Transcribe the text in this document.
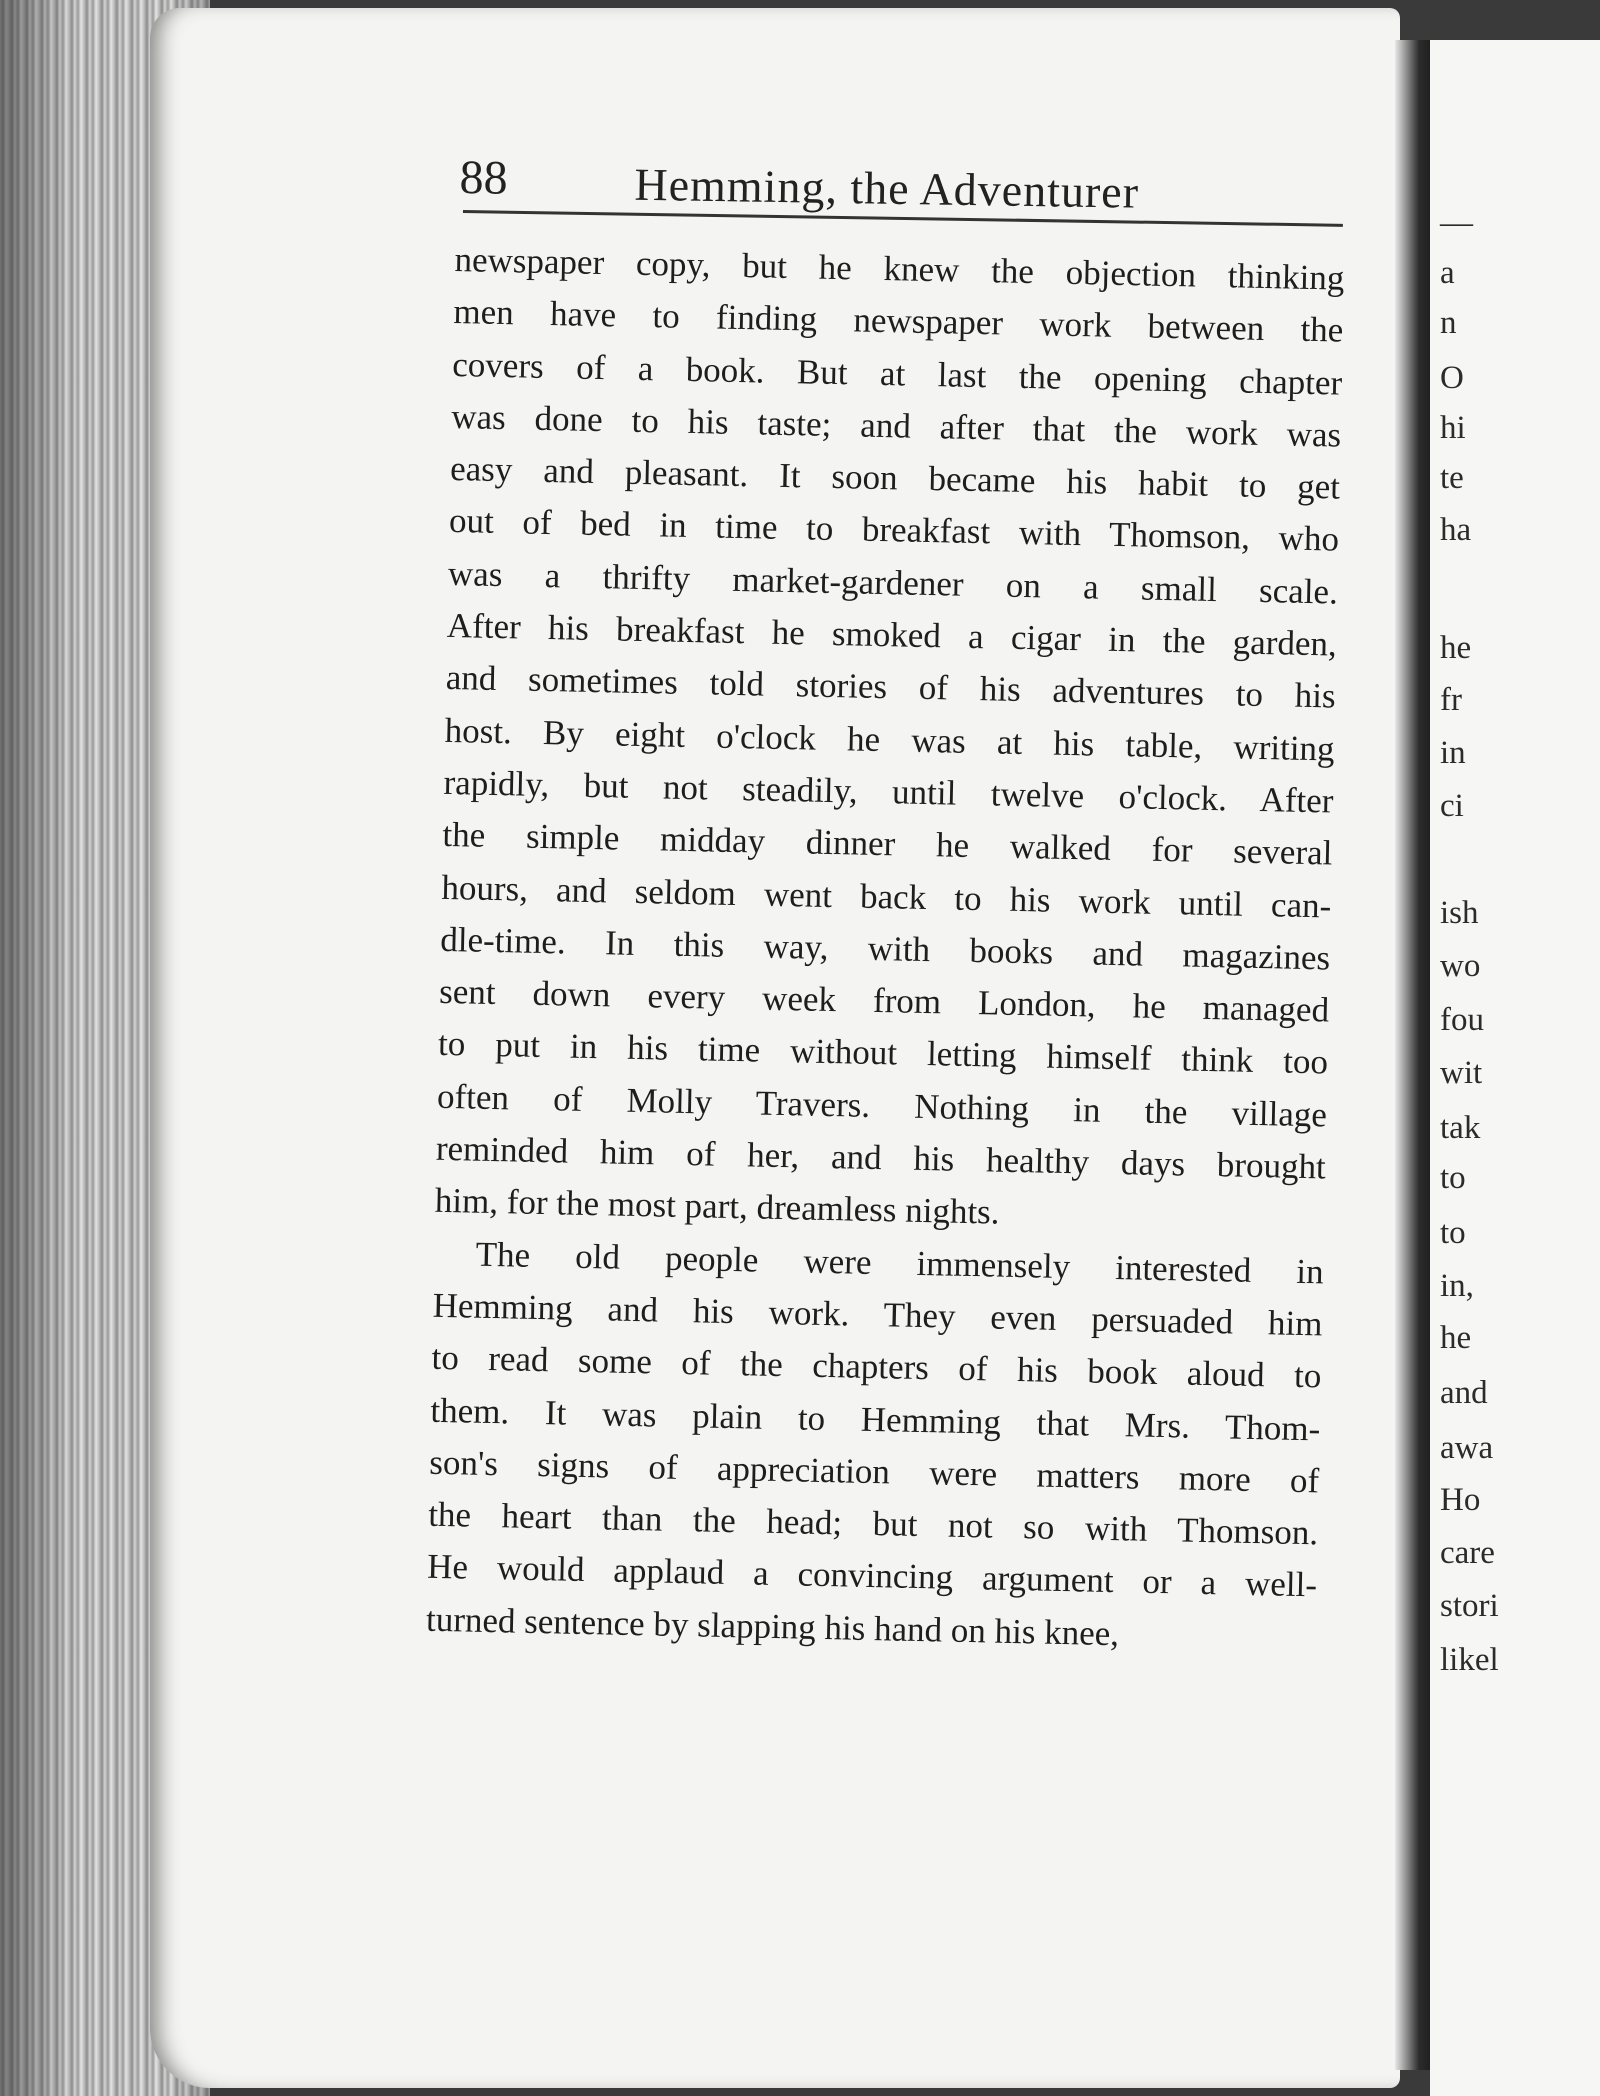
—
a
n
O
hi
te
ha
he
fr
in
ci
ish
wo
fou
wit
tak
to
to
in,
he
and
awa
Ho
care
stori
likel
88	Hemming, the Adventurer
newspaper copy, but he knew the objection thinking
men have to finding newspaper work between the
covers of a book. But at last the opening chapter
was done to his taste; and after that the work was
easy and pleasant. It soon became his habit to get
out of bed in time to breakfast with Thomson, who
was a thrifty market-gardener on a small scale.
After his breakfast he smoked a cigar in the garden,
and sometimes told stories of his adventures to his
host. By eight o'clock he was at his table, writing
rapidly, but not steadily, until twelve o'clock. After
the simple midday dinner he walked for several
hours, and seldom went back to his work until can-
dle-time. In this way, with books and magazines
sent down every week from London, he managed
to put in his time without letting himself think too
often of Molly Travers. Nothing in the village
reminded him of her, and his healthy days brought
him, for the most part, dreamless nights.
The old people were immensely interested in
Hemming and his work. They even persuaded him
to read some of the chapters of his book aloud to
them. It was plain to Hemming that Mrs. Thom-
son's signs of appreciation were matters more of
the heart than the head; but not so with Thomson.
He would applaud a convincing argument or a well-
turned sentence by slapping his hand on his knee,
